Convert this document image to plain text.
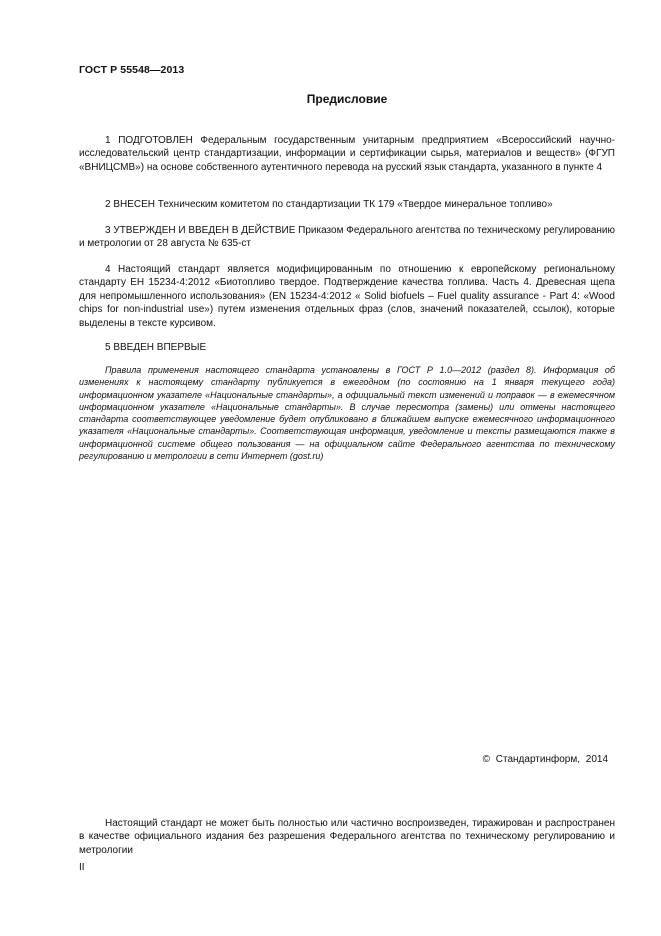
ГОСТ Р 55548—2013
Предисловие

1 ПОДГОТОВЛЕН Федеральным государственным унитарным предприятием «Всероссийский научно-исследовательский центр стандартизации, информации и сертификации сырья, материалов и веществ» (ФГУП «ВНИЦСМВ») на основе собственного аутентичного перевода на русский язык стандарта, указанного в пункте 4

2 ВНЕСЕН Техническим комитетом по стандартизации ТК 179 «Твердое минеральное топливо»

3 УТВЕРЖДЕН И ВВЕДЕН В ДЕЙСТВИЕ Приказом Федерального агентства по техническому регулированию и метрологии от 28 августа № 635-ст

4 Настоящий стандарт является модифицированным по отношению к европейскому региональному стандарту ЕН 15234-4:2012 «Биотопливо твердое. Подтверждение качества топлива. Часть 4. Древесная щепа для непромышленного использования» (EN 15234-4:2012 « Solid biofuels – Fuel quality assurance - Part 4: «Wood chips for non-industrial use») путем изменения отдельных фраз (слов, значений показателей, ссылок), которые выделены в тексте курсивом.

5 ВВЕДЕН ВПЕРВЫЕ

Правила применения настоящего стандарта установлены в ГОСТ Р 1.0—2012 (раздел 8). Информация об изменениях к настоящему стандарту публикуется в ежегодном (по состоянию на 1 января текущего года) информационном указателе «Национальные стандарты», а официальный текст изменений и поправок — в ежемесячном информационном указателе «Национальные стандарты». В случае пересмотра (замены) или отмены настоящего стандарта соответствующее уведомление будет опубликовано в ближайшем выпуске ежемесячного информационного указателя «Национальные стандарты». Соответствующая информация, уведомление и тексты размещаются также в информационной системе общего пользования — на официальном сайте Федерального агентства по техническому регулированию и метрологии в сети Интернет (gost.ru)

© Стандартинформ, 2014

Настоящий стандарт не может быть полностью или частично воспроизведен, тиражирован и распространен в качестве официального издания без разрешения Федерального агентства по техническому регулированию и метрологии

II
